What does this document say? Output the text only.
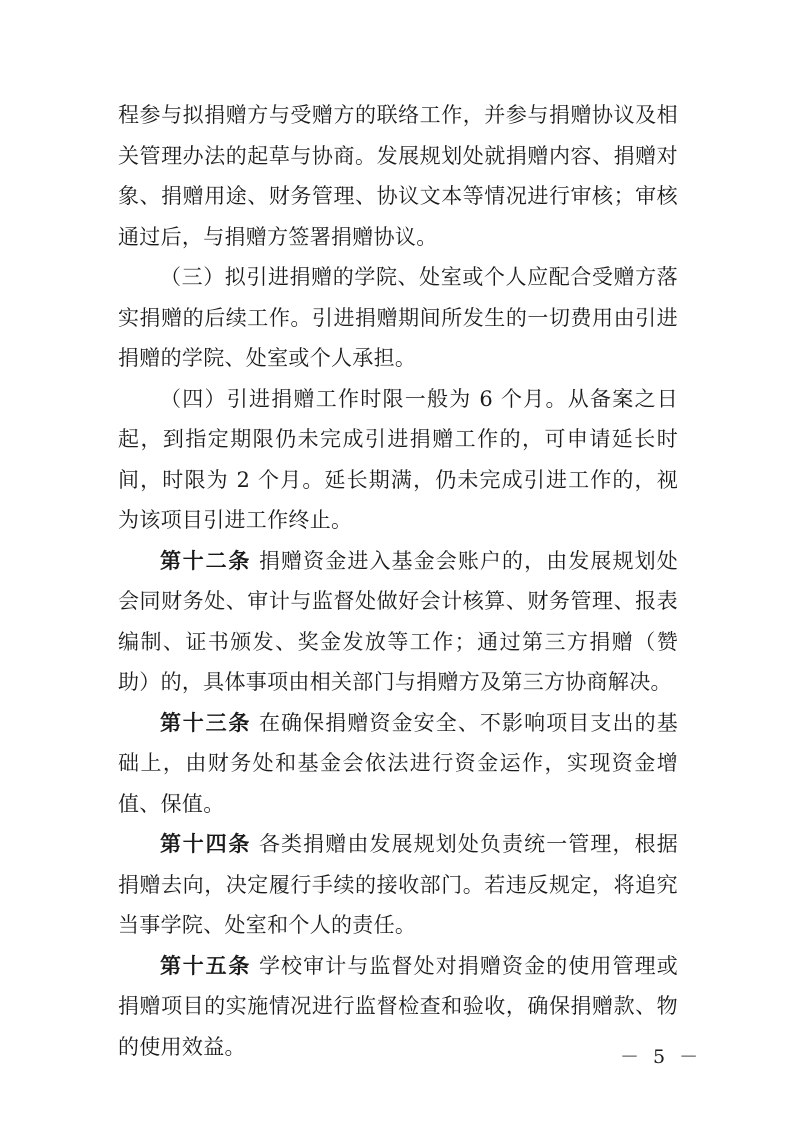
程参与拟捐赠方与受赠方的联络工作，并参与捐赠协议及相关管理办法的起草与协商。发展规划处就捐赠内容、捐赠对象、捐赠用途、财务管理、协议文本等情况进行审核；审核通过后，与捐赠方签署捐赠协议。

（三）拟引进捐赠的学院、处室或个人应配合受赠方落实捐赠的后续工作。引进捐赠期间所发生的一切费用由引进捐赠的学院、处室或个人承担。

（四）引进捐赠工作时限一般为 6 个月。从备案之日起，到指定期限仍未完成引进捐赠工作的，可申请延长时间，时限为 2 个月。延长期满，仍未完成引进工作的，视为该项目引进工作终止。

第十二条 捐赠资金进入基金会账户的，由发展规划处会同财务处、审计与监督处做好会计核算、财务管理、报表编制、证书颁发、奖金发放等工作；通过第三方捐赠（赞助）的，具体事项由相关部门与捐赠方及第三方协商解决。

第十三条 在确保捐赠资金安全、不影响项目支出的基础上，由财务处和基金会依法进行资金运作，实现资金增值、保值。

第十四条 各类捐赠由发展规划处负责统一管理，根据捐赠去向，决定履行手续的接收部门。若违反规定，将追究当事学院、处室和个人的责任。

第十五条 学校审计与监督处对捐赠资金的使用管理或捐赠项目的实施情况进行监督检查和验收，确保捐赠款、物的使用效益。	－ 5 －
